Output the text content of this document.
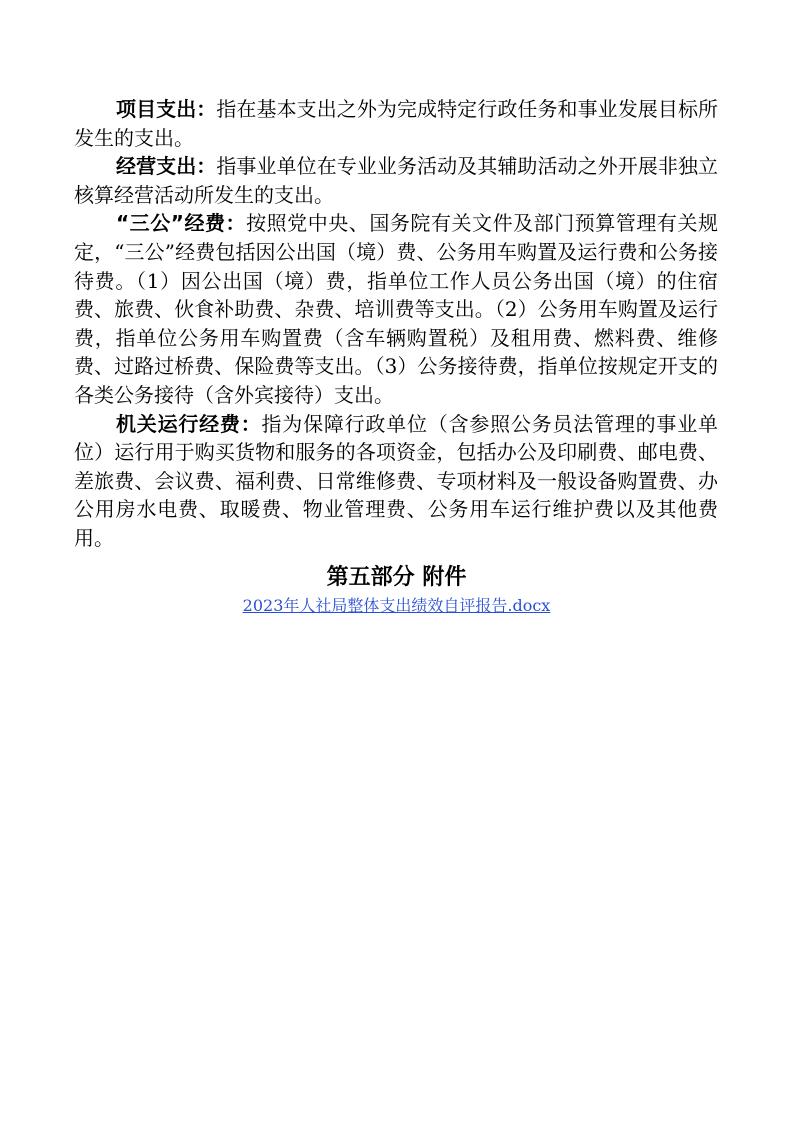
项目支出：指在基本支出之外为完成特定行政任务和事业发展目标所发生的支出。

经营支出：指事业单位在专业业务活动及其辅助活动之外开展非独立核算经营活动所发生的支出。

“三公”经费：按照党中央、国务院有关文件及部门预算管理有关规定，“三公”经费包括因公出国（境）费、公务用车购置及运行费和公务接待费。（1）因公出国（境）费，指单位工作人员公务出国（境）的住宿费、旅费、伙食补助费、杂费、培训费等支出。（2）公务用车购置及运行费，指单位公务用车购置费（含车辆购置税）及租用费、燃料费、维修费、过路过桥费、保险费等支出。（3）公务接待费，指单位按规定开支的各类公务接待（含外宾接待）支出。

机关运行经费：指为保障行政单位（含参照公务员法管理的事业单位）运行用于购买货物和服务的各项资金，包括办公及印刷费、邮电费、差旅费、会议费、福利费、日常维修费、专项材料及一般设备购置费、办公用房水电费、取暖费、物业管理费、公务用车运行维护费以及其他费用。

第五部分 附件
2023年人社局整体支出绩效自评报告.docx
